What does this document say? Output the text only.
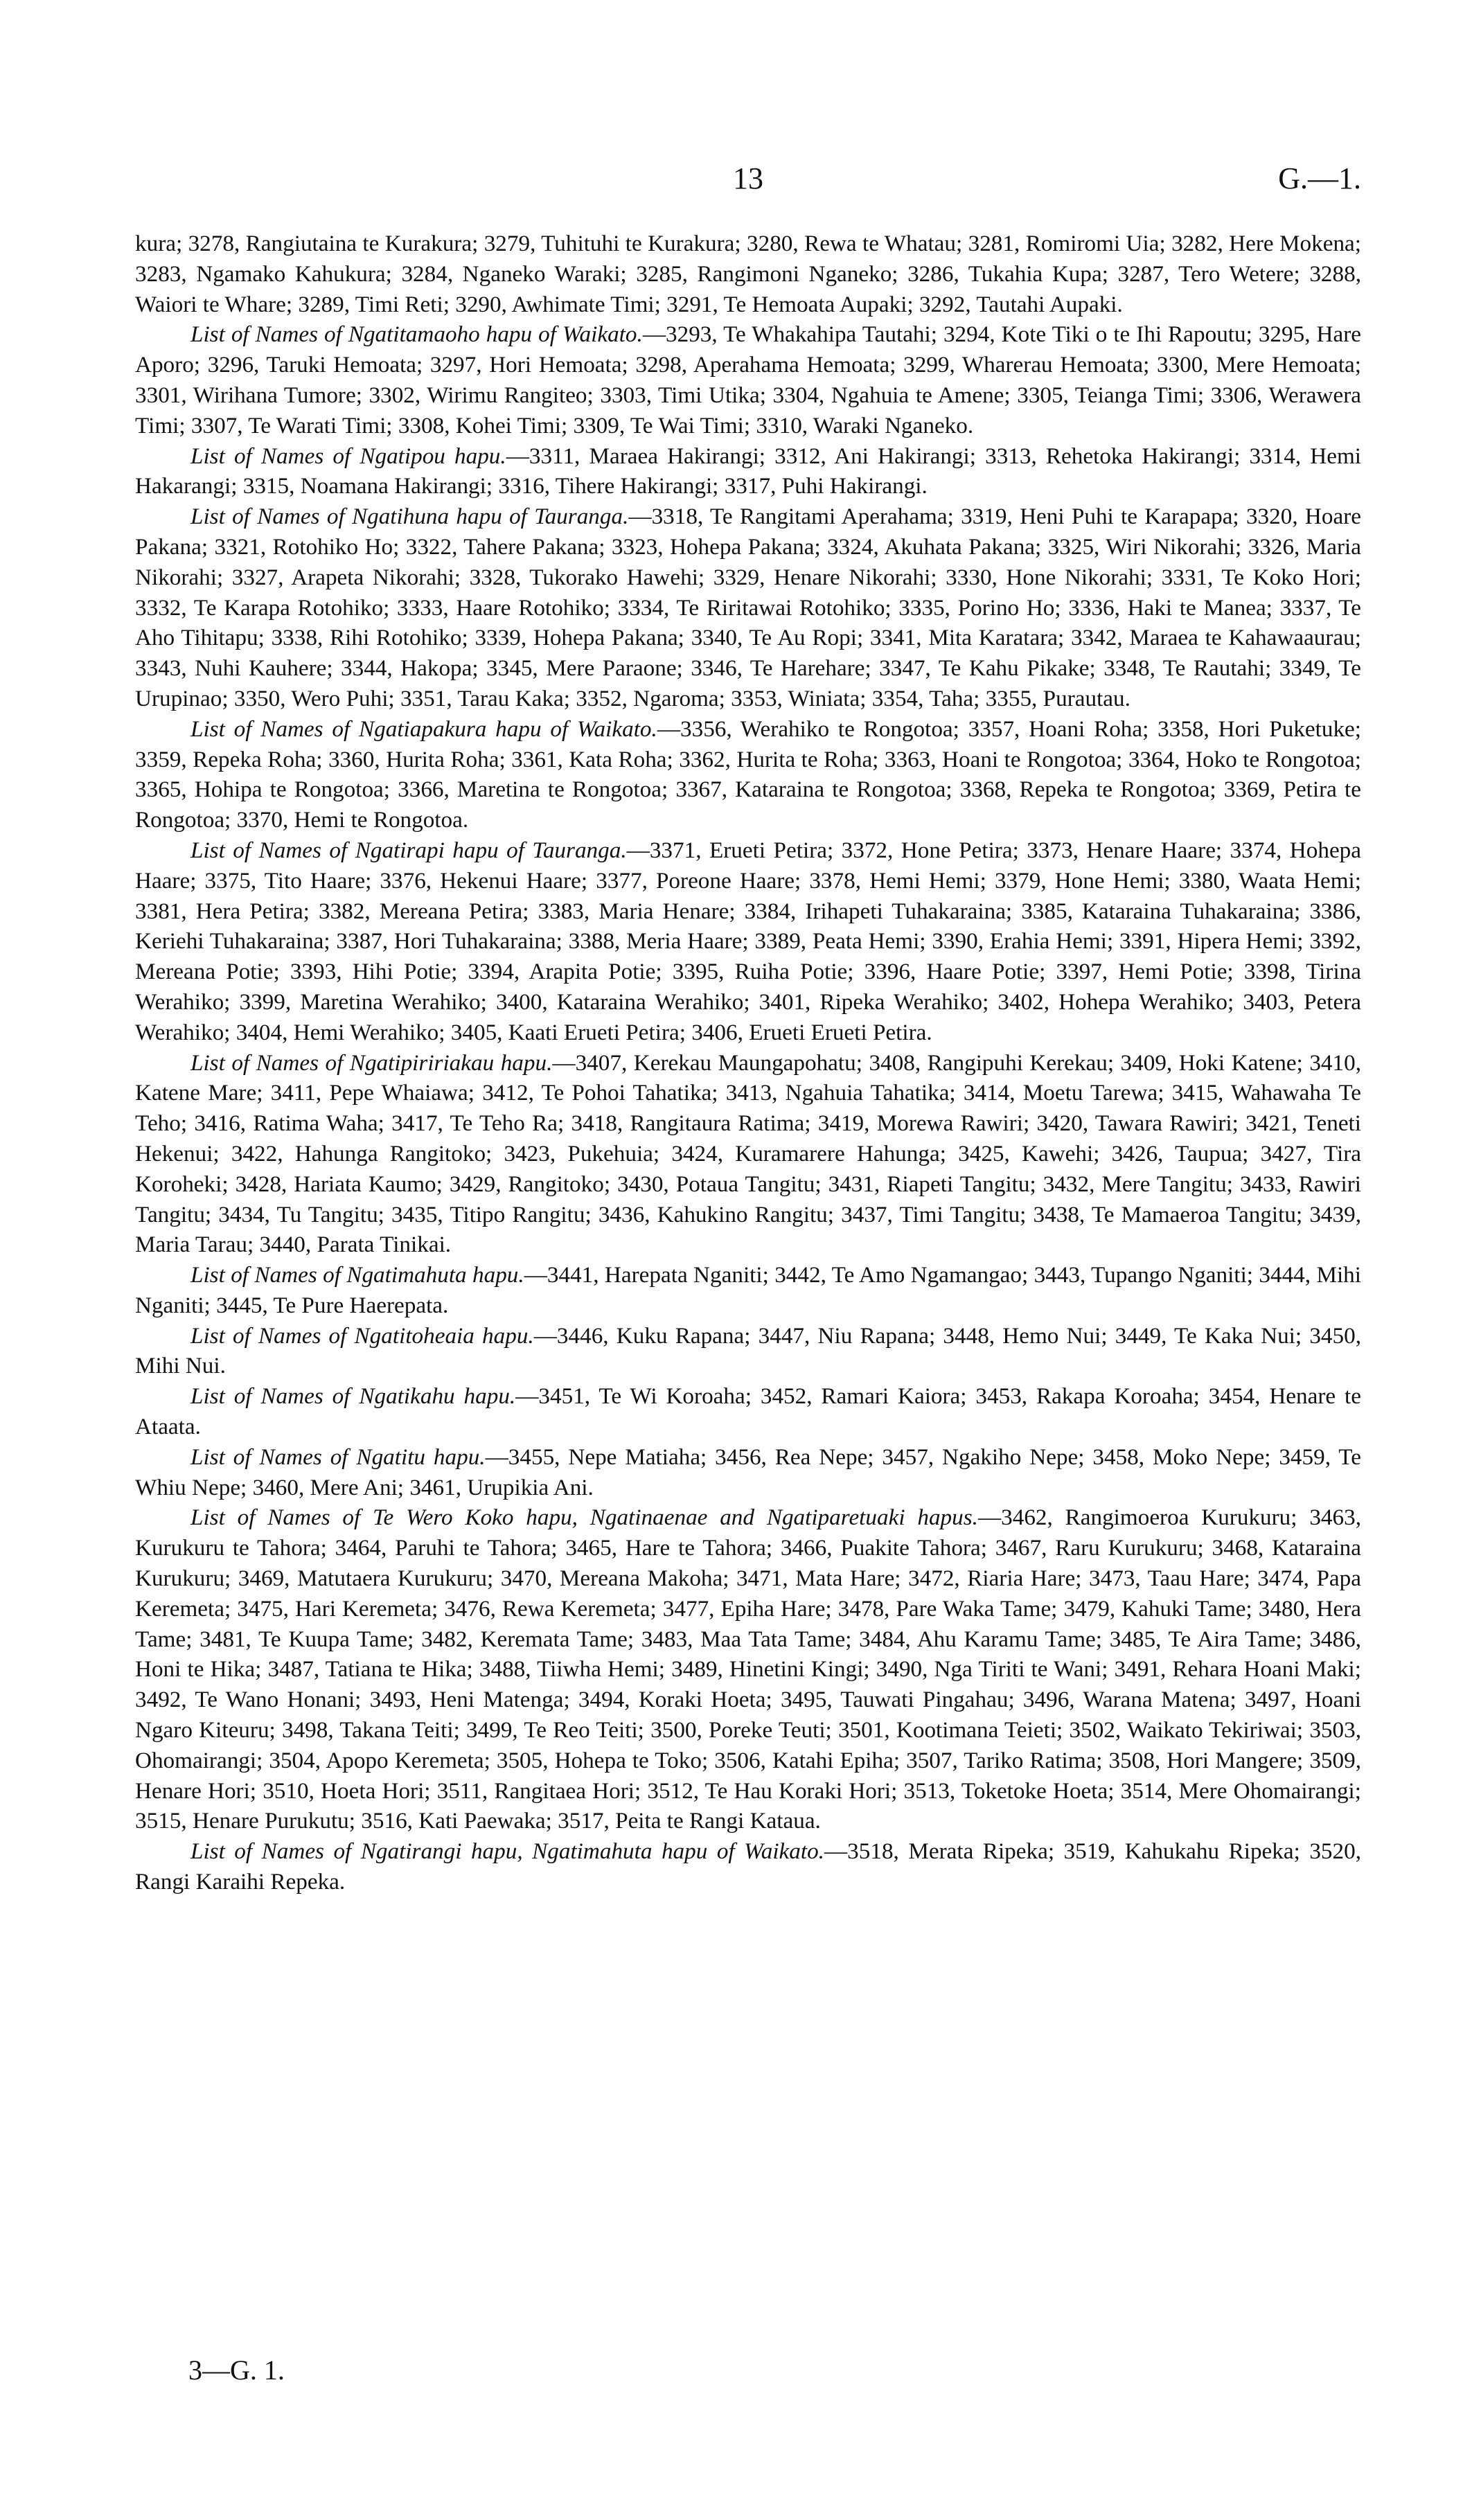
13	G.—1.

kura; 3278, Rangiutaina te Kurakura; 3279, Tuhituhi te Kurakura; 3280, Rewa te Whatau; 3281, Romiromi Uia; 3282, Here Mokena; 3283, Ngamako Kahukura; 3284, Nganeko Waraki; 3285, Rangimoni Nganeko; 3286, Tukahia Kupa; 3287, Tero Wetere; 3288, Waiori te Whare; 3289, Timi Reti; 3290, Awhimate Timi; 3291, Te Hemoata Aupaki; 3292, Tautahi Aupaki.

List of Names of Ngatitamaoho hapu of Waikato.—3293, Te Whakahipa Tautahi; 3294, Kote Tiki o te Ihi Rapoutu; 3295, Hare Aporo; 3296, Taruki Hemoata; 3297, Hori Hemoata; 3298, Aperahama Hemoata; 3299, Wharerau Hemoata; 3300, Mere Hemoata; 3301, Wirihana Tumore; 3302, Wirimu Rangiteo; 3303, Timi Utika; 3304, Ngahuia te Amene; 3305, Teianga Timi; 3306, Werawera Timi; 3307, Te Warati Timi; 3308, Kohei Timi; 3309, Te Wai Timi; 3310, Waraki Nganeko.

List of Names of Ngatipou hapu.—3311, Maraea Hakirangi; 3312, Ani Hakirangi; 3313, Rehetoka Hakirangi; 3314, Hemi Hakarangi; 3315, Noamana Hakirangi; 3316, Tihere Hakirangi; 3317, Puhi Hakirangi.

List of Names of Ngatihuna hapu of Tauranga.—3318, Te Rangitami Aperahama; 3319, Heni Puhi te Karapapa; 3320, Hoare Pakana; 3321, Rotohiko Ho; 3322, Tahere Pakana; 3323, Hohepa Pakana; 3324, Akuhata Pakana; 3325, Wiri Nikorahi; 3326, Maria Nikorahi; 3327, Arapeta Nikorahi; 3328, Tukorako Hawehi; 3329, Henare Nikorahi; 3330, Hone Nikorahi; 3331, Te Koko Hori; 3332, Te Karapa Rotohiko; 3333, Haare Rotohiko; 3334, Te Riritawai Rotohiko; 3335, Porino Ho; 3336, Haki te Manea; 3337, Te Aho Tihitapu; 3338, Rihi Rotohiko; 3339, Hohepa Pakana; 3340, Te Au Ropi; 3341, Mita Karatara; 3342, Maraea te Kahawaaurau; 3343, Nuhi Kauhere; 3344, Hakopa; 3345, Mere Paraone; 3346, Te Harehare; 3347, Te Kahu Pikake; 3348, Te Rautahi; 3349, Te Urupinao; 3350, Wero Puhi; 3351, Tarau Kaka; 3352, Ngaroma; 3353, Winiata; 3354, Taha; 3355, Purautau.

List of Names of Ngatiapakura hapu of Waikato.—3356, Werahiko te Rongotoa; 3357, Hoani Roha; 3358, Hori Puketuke; 3359, Repeka Roha; 3360, Hurita Roha; 3361, Kata Roha; 3362, Hurita te Roha; 3363, Hoani te Rongotoa; 3364, Hoko te Rongotoa; 3365, Hohipa te Rongotoa; 3366, Maretina te Rongotoa; 3367, Kataraina te Rongotoa; 3368, Repeka te Rongotoa; 3369, Petira te Rongotoa; 3370, Hemi te Rongotoa.

List of Names of Ngatirapi hapu of Tauranga.—3371, Erueti Petira; 3372, Hone Petira; 3373, Henare Haare; 3374, Hohepa Haare; 3375, Tito Haare; 3376, Hekenui Haare; 3377, Poreone Haare; 3378, Hemi Hemi; 3379, Hone Hemi; 3380, Waata Hemi; 3381, Hera Petira; 3382, Mereana Petira; 3383, Maria Henare; 3384, Irihapeti Tuhakaraina; 3385, Kataraina Tuhakaraina; 3386, Keriehi Tuhakaraina; 3387, Hori Tuhakaraina; 3388, Meria Haare; 3389, Peata Hemi; 3390, Erahia Hemi; 3391, Hipera Hemi; 3392, Mereana Potie; 3393, Hihi Potie; 3394, Arapita Potie; 3395, Ruiha Potie; 3396, Haare Potie; 3397, Hemi Potie; 3398, Tirina Werahiko; 3399, Maretina Werahiko; 3400, Kataraina Werahiko; 3401, Ripeka Werahiko; 3402, Hohepa Werahiko; 3403, Petera Werahiko; 3404, Hemi Werahiko; 3405, Kaati Erueti Petira; 3406, Erueti Erueti Petira.

List of Names of Ngatipiririakau hapu.—3407, Kerekau Maungapohatu; 3408, Rangipuhi Kerekau; 3409, Hoki Katene; 3410, Katene Mare; 3411, Pepe Whaiawa; 3412, Te Pohoi Tahatika; 3413, Ngahuia Tahatika; 3414, Moetu Tarewa; 3415, Wahawaha Te Teho; 3416, Ratima Waha; 3417, Te Teho Ra; 3418, Rangitaura Ratima; 3419, Morewa Rawiri; 3420, Tawara Rawiri; 3421, Teneti Hekenui; 3422, Hahunga Rangitoko; 3423, Pukehuia; 3424, Kuramarere Hahunga; 3425, Kawehi; 3426, Taupua; 3427, Tira Koroheki; 3428, Hariata Kaumo; 3429, Rangitoko; 3430, Potaua Tangitu; 3431, Riapeti Tangitu; 3432, Mere Tangitu; 3433, Rawiri Tangitu; 3434, Tu Tangitu; 3435, Titipo Rangitu; 3436, Kahukino Rangitu; 3437, Timi Tangitu; 3438, Te Mamaeroa Tangitu; 3439, Maria Tarau; 3440, Parata Tinikai.

List of Names of Ngatimahuta hapu.—3441, Harepata Nganiti; 3442, Te Amo Ngamangao; 3443, Tupango Nganiti; 3444, Mihi Nganiti; 3445, Te Pure Haerepata.

List of Names of Ngatitoheaia hapu.—3446, Kuku Rapana; 3447, Niu Rapana; 3448, Hemo Nui; 3449, Te Kaka Nui; 3450, Mihi Nui.

List of Names of Ngatikahu hapu.—3451, Te Wi Koroaha; 3452, Ramari Kaiora; 3453, Rakapa Koroaha; 3454, Henare te Ataata.

List of Names of Ngatitu hapu.—3455, Nepe Matiaha; 3456, Rea Nepe; 3457, Ngakiho Nepe; 3458, Moko Nepe; 3459, Te Whiu Nepe; 3460, Mere Ani; 3461, Urupikia Ani.

List of Names of Te Wero Koko hapu, Ngatinaenae and Ngatiparetuaki hapus.—3462, Rangimoeroa Kurukuru; 3463, Kurukuru te Tahora; 3464, Paruhi te Tahora; 3465, Hare te Tahora; 3466, Puakite Tahora; 3467, Raru Kurukuru; 3468, Kataraina Kurukuru; 3469, Matutaera Kurukuru; 3470, Mereana Makoha; 3471, Mata Hare; 3472, Riaria Hare; 3473, Taau Hare; 3474, Papa Keremeta; 3475, Hari Keremeta; 3476, Rewa Keremeta; 3477, Epiha Hare; 3478, Pare Waka Tame; 3479, Kahuki Tame; 3480, Hera Tame; 3481, Te Kuupa Tame; 3482, Keremata Tame; 3483, Maa Tata Tame; 3484, Ahu Karamu Tame; 3485, Te Aira Tame; 3486, Honi te Hika; 3487, Tatiana te Hika; 3488, Tiiwha Hemi; 3489, Hinetini Kingi; 3490, Nga Tiriti te Wani; 3491, Rehara Hoani Maki; 3492, Te Wano Honani; 3493, Heni Matenga; 3494, Koraki Hoeta; 3495, Tauwati Pingahau; 3496, Warana Matena; 3497, Hoani Ngaro Kiteuru; 3498, Takana Teiti; 3499, Te Reo Teiti; 3500, Poreke Teuti; 3501, Kootimana Teieti; 3502, Waikato Tekiriwai; 3503, Ohomairangi; 3504, Apopo Keremeta; 3505, Hohepa te Toko; 3506, Katahi Epiha; 3507, Tariko Ratima; 3508, Hori Mangere; 3509, Henare Hori; 3510, Hoeta Hori; 3511, Rangitaea Hori; 3512, Te Hau Koraki Hori; 3513, Toketoke Hoeta; 3514, Mere Ohomairangi; 3515, Henare Purukutu; 3516, Kati Paewaka; 3517, Peita te Rangi Kataua.

List of Names of Ngatirangi hapu, Ngatimahuta hapu of Waikato.—3518, Merata Ripeka; 3519, Kahukahu Ripeka; 3520, Rangi Karaihi Repeka.

3—G. 1.
